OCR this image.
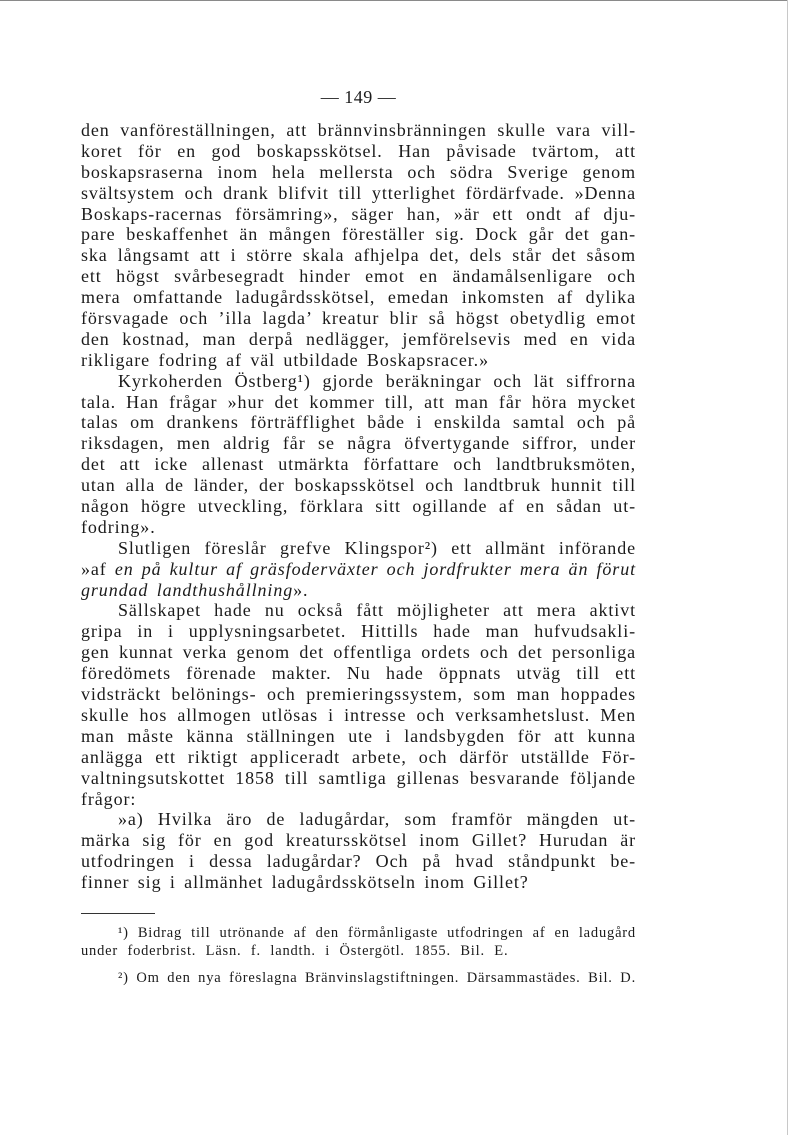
— 149 —
den vanföreställningen, att brännvinsbränningen skulle vara vill-
koret för en god boskapsskötsel. Han påvisade tvärtom, att
boskapsraserna inom hela mellersta och södra Sverige genom
svältsystem och drank blifvit till ytterlighet fördärfvade. »Denna
Boskaps-racernas försämring», säger han, »är ett ondt af dju-
pare beskaffenhet än mången föreställer sig. Dock går det gan-
ska långsamt att i större skala afhjelpa det, dels står det såsom
ett högst svårbesegradt hinder emot en ändamålsenligare och
mera omfattande ladugårdsskötsel, emedan inkomsten af dylika
försvagade och ’illa lagda’ kreatur blir så högst obetydlig emot
den kostnad, man derpå nedlägger, jemförelsevis med en vida
rikligare fodring af väl utbildade Boskapsracer.»
Kyrkoherden Östberg¹) gjorde beräkningar och lät siffrorna
tala. Han frågar »hur det kommer till, att man får höra mycket
talas om drankens förträfflighet både i enskilda samtal och på
riksdagen, men aldrig får se några öfvertygande siffror, under
det att icke allenast utmärkta författare och landtbruksmöten,
utan alla de länder, der boskapsskötsel och landtbruk hunnit till
någon högre utveckling, förklara sitt ogillande af en sådan ut-
fodring».
Slutligen föreslår grefve Klingspor²) ett allmänt införande
»af en på kultur af gräsfoderväxter och jordfrukter mera än förut
grundad landthushållning».
Sällskapet hade nu också fått möjligheter att mera aktivt
gripa in i upplysningsarbetet. Hittills hade man hufvudsakli-
gen kunnat verka genom det offentliga ordets och det personliga
föredömets förenade makter. Nu hade öppnats utväg till ett
vidsträckt belönings- och premieringssystem, som man hoppades
skulle hos allmogen utlösas i intresse och verksamhetslust. Men
man måste känna ställningen ute i landsbygden för att kunna
anlägga ett riktigt appliceradt arbete, och därför utställde För-
valtningsutskottet 1858 till samtliga gillenas besvarande följande
frågor:
»a) Hvilka äro de ladugårdar, som framför mängden ut-
märka sig för en god kreatursskötsel inom Gillet? Hurudan är
utfodringen i dessa ladugårdar? Och på hvad ståndpunkt be-
finner sig i allmänhet ladugårdsskötseln inom Gillet?
¹) Bidrag till utrönande af den förmånligaste utfodringen af en ladugård
under foderbrist. Läsn. f. landth. i Östergötl. 1855. Bil. E.
²) Om den nya föreslagna Bränvinslagstiftningen. Därsammastädes. Bil. D.
